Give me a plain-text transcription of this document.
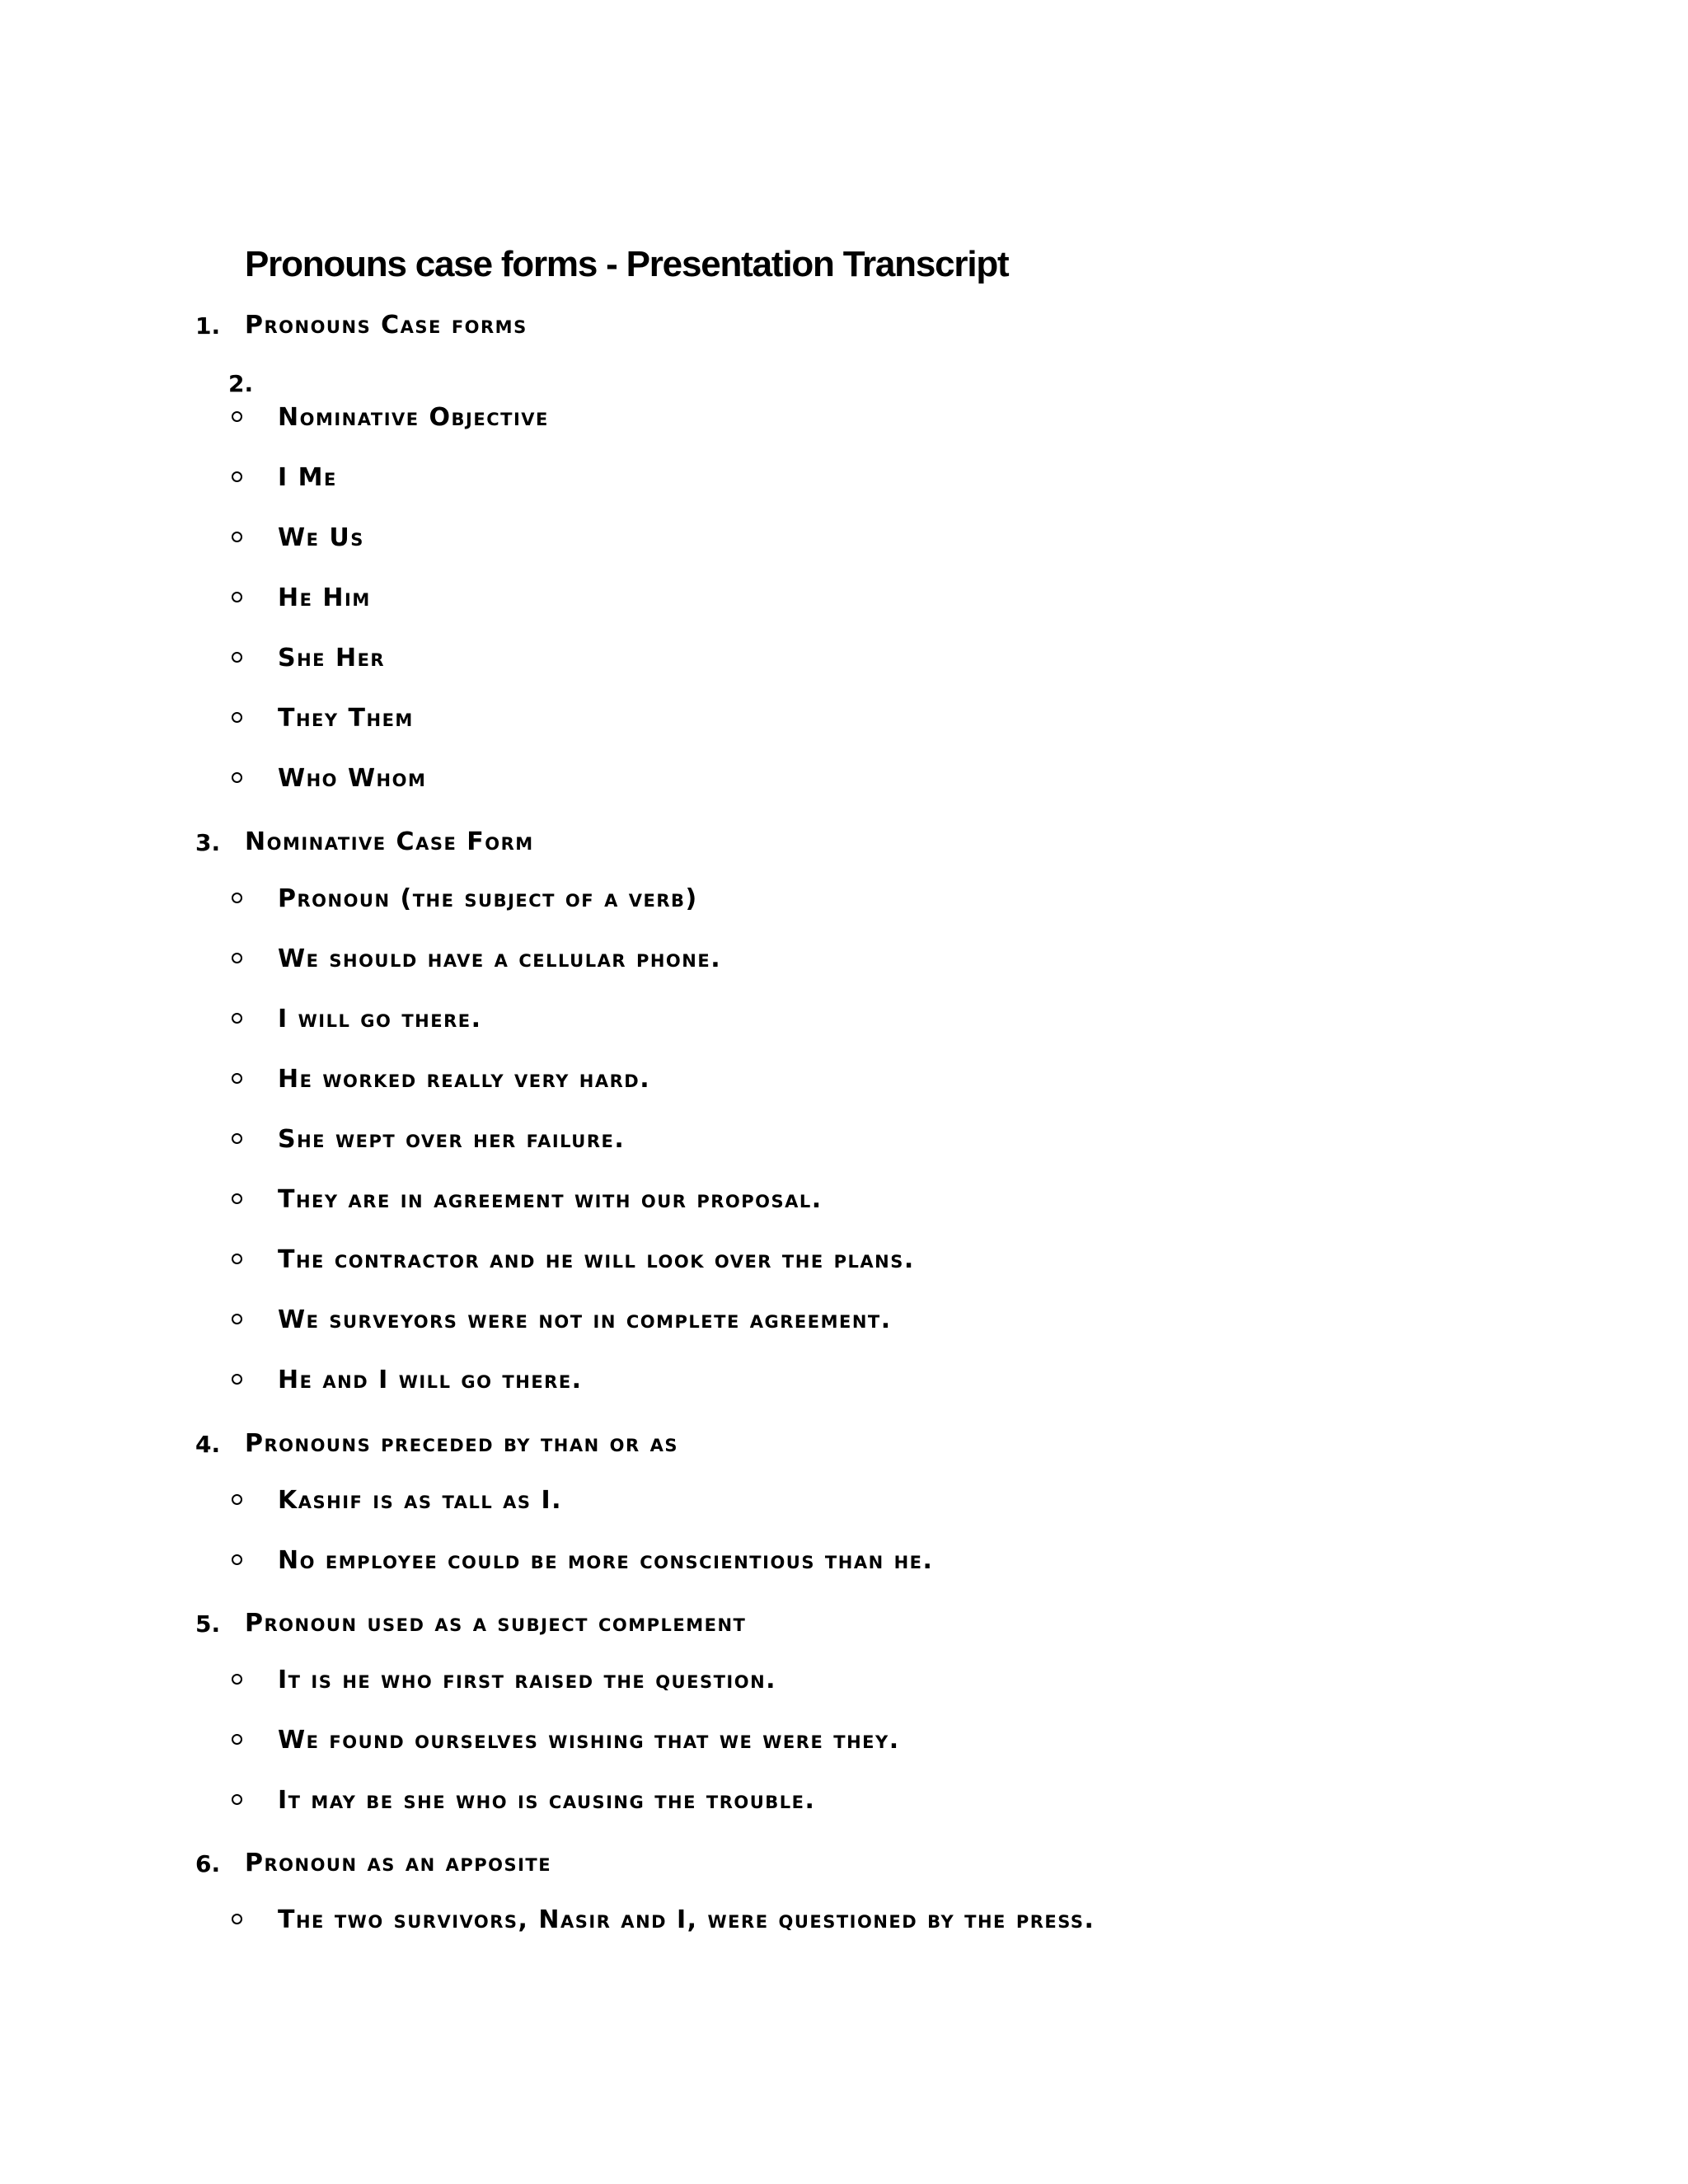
Pronouns case forms - Presentation Transcript
1. Pronouns Case forms
2.
Nominative Objective
I Me
We Us
He Him
She Her
They Them
Who Whom
3. Nominative Case Form
Pronoun (the subject of a verb)
We should have a cellular phone.
I will go there.
He worked really very hard.
She wept over her failure.
They are in agreement with our proposal.
The contractor and he will look over the plans.
We surveyors were not in complete agreement.
He and I will go there.
4. Pronouns preceded by than or as
Kashif is as tall as I.
No employee could be more conscientious than he.
5. Pronoun used as a subject complement
It is he who first raised the question.
We found ourselves wishing that we were they.
It may be she who is causing the trouble.
6. Pronoun as an apposite
The two survivors, Nasir and I, were questioned by the press.
